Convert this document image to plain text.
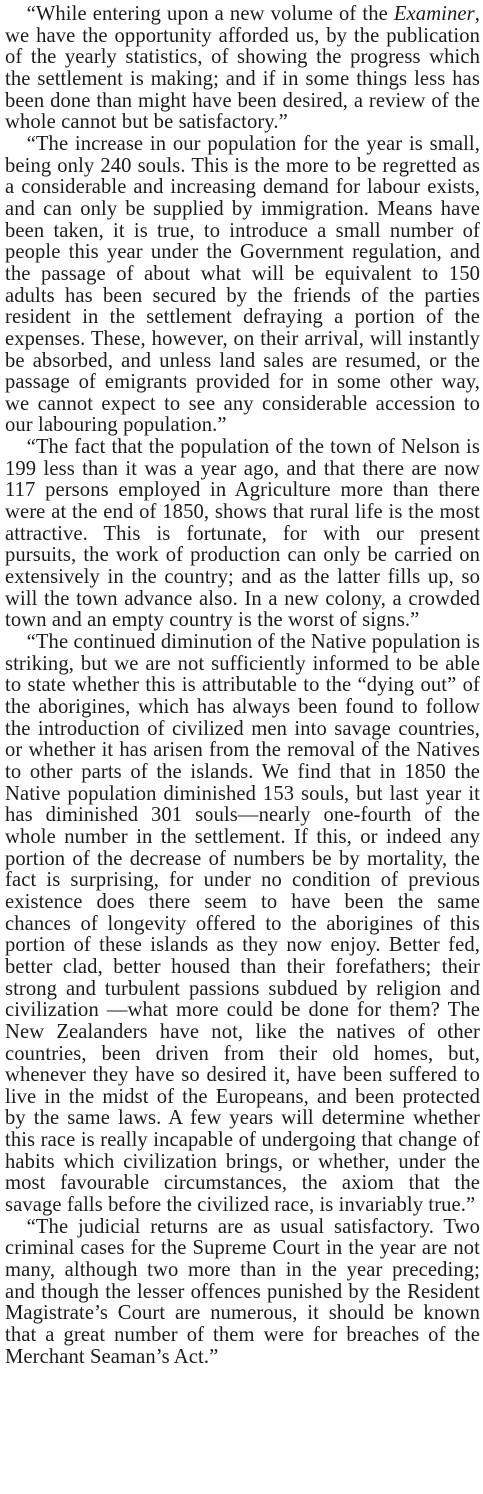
“While entering upon a new volume of the Examiner, we have the opportunity afforded us, by the publication of the yearly statistics, of showing the progress which the settlement is making; and if in some things less has been done than might have been desired, a review of the whole cannot but be satisfactory.”

“The increase in our population for the year is small, being only 240 souls. This is the more to be regretted as a considerable and increasing demand for labour exists, and can only be supplied by immigration. Means have been taken, it is true, to introduce a small number of people this year under the Government regulation, and the passage of about what will be equivalent to 150 adults has been secured by the friends of the parties resident in the settlement defraying a portion of the expenses. These, however, on their arrival, will instantly be absorbed, and unless land sales are resumed, or the passage of emigrants provided for in some other way, we cannot expect to see any considerable accession to our labouring population.”

“The fact that the population of the town of Nelson is 199 less than it was a year ago, and that there are now 117 persons employed in Agriculture more than there were at the end of 1850, shows that rural life is the most attractive. This is fortunate, for with our present pursuits, the work of production can only be carried on extensively in the country; and as the latter fills up, so will the town advance also. In a new colony, a crowded town and an empty country is the worst of signs.”

“The continued diminution of the Native population is striking, but we are not sufficiently informed to be able to state whether this is attributable to the “dying out” of the aborigines, which has always been found to follow the introduction of civilized men into savage countries, or whether it has arisen from the removal of the Natives to other parts of the islands. We find that in 1850 the Native population diminished 153 souls, but last year it has diminished 301 souls—nearly one-fourth of the whole number in the settlement. If this, or indeed any portion of the decrease of numbers be by mortality, the fact is surprising, for under no condition of previous existence does there seem to have been the same chances of longevity offered to the aborigines of this portion of these islands as they now enjoy. Better fed, better clad, better housed than their forefathers; their strong and turbulent passions subdued by religion and civilization —what more could be done for them? The New Zealanders have not, like the natives of other countries, been driven from their old homes, but, whenever they have so desired it, have been suffered to live in the midst of the Europeans, and been protected by the same laws. A few years will determine whether this race is really incapable of undergoing that change of habits which civilization brings, or whether, under the most favourable circumstances, the axiom that the savage falls before the civilized race, is invariably true.”

“The judicial returns are as usual satisfactory. Two criminal cases for the Supreme Court in the year are not many, although two more than in the year preceding; and though the lesser offences punished by the Resident Magistrate’s Court are numerous, it should be known that a great number of them were for breaches of the Merchant Seaman’s Act.”
